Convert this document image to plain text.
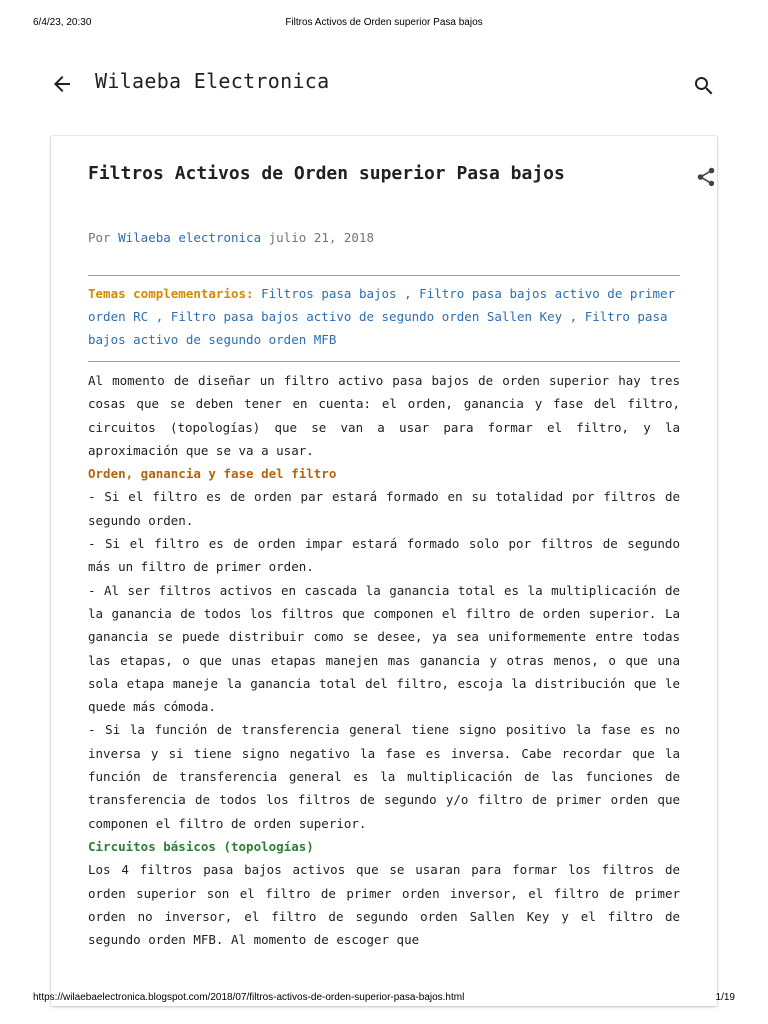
6/4/23, 20:30	Filtros Activos de Orden superior Pasa bajos
Wilaeba Electronica
Filtros Activos de Orden superior Pasa bajos
Por Wilaeba electronica julio 21, 2018
Temas complementarios: Filtros pasa bajos , Filtro pasa bajos activo de primer orden RC , Filtro pasa bajos activo de segundo orden Sallen Key , Filtro pasa bajos activo de segundo orden MFB

Al momento de diseñar un filtro activo pasa bajos de orden superior hay tres cosas que se deben tener en cuenta: el orden, ganancia y fase del filtro, circuitos (topologías) que se van a usar para formar el filtro, y la aproximación que se va a usar.

Orden, ganancia y fase del filtro

- Si el filtro es de orden par estará formado en su totalidad por filtros de segundo orden.

- Si el filtro es de orden impar estará formado solo por filtros de segundo más un filtro de primer orden.

- Al ser filtros activos en cascada la ganancia total es la multiplicación de la ganancia de todos los filtros que componen el filtro de orden superior. La ganancia se puede distribuir como se desee, ya sea uniformemente entre todas las etapas, o que unas etapas manejen mas ganancia y otras menos, o que una sola etapa maneje la ganancia total del filtro, escoja la distribución que le quede más cómoda.

- Si la función de transferencia general tiene signo positivo la fase es no inversa y si tiene signo negativo la fase es inversa. Cabe recordar que la función de transferencia general es la multiplicación de las funciones de transferencia de todos los filtros de segundo y/o filtro de primer orden que componen el filtro de orden superior.

Circuitos básicos (topologías)

Los 4 filtros pasa bajos activos que se usaran para formar los filtros de orden superior son el filtro de primer orden inversor, el filtro de primer orden no inversor, el filtro de segundo orden Sallen Key y el filtro de segundo orden MFB. Al momento de escoger que

https://wilaebaelectronica.blogspot.com/2018/07/filtros-activos-de-orden-superior-pasa-bajos.html	1/19
